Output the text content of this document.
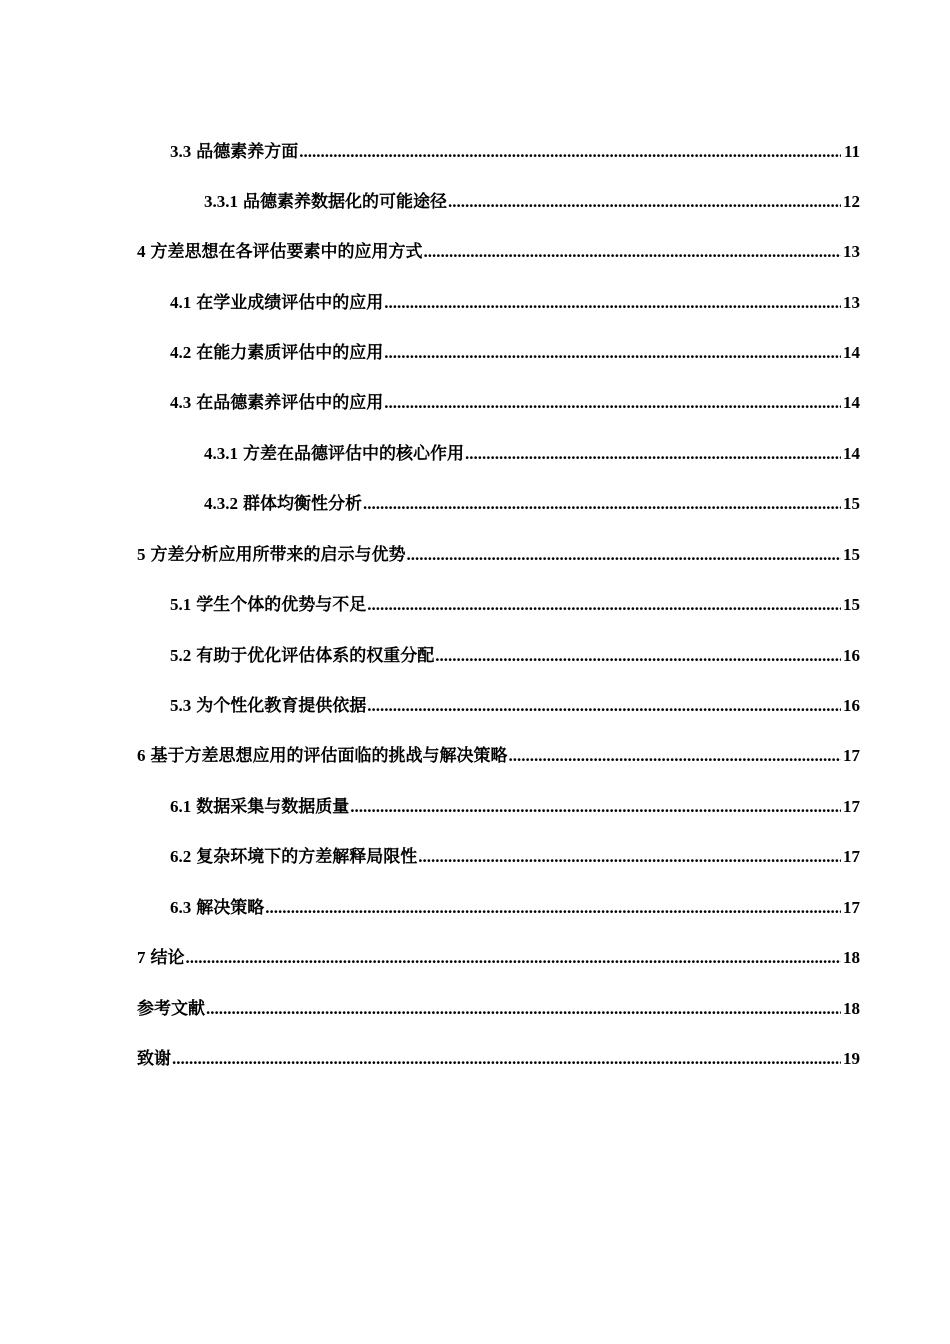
3.3 品德素养方面 .....	11
3.3.1 品德素养数据化的可能途径 .....	12
4 方差思想在各评估要素中的应用方式 .....	13
4.1 在学业成绩评估中的应用 .....	13
4.2 在能力素质评估中的应用 .....	14
4.3 在品德素养评估中的应用 .....	14
4.3.1 方差在品德评估中的核心作用 .....	14
4.3.2 群体均衡性分析 .....	15
5 方差分析应用所带来的启示与优势 .....	15
5.1 学生个体的优势与不足 .....	15
5.2 有助于优化评估体系的权重分配 .....	16
5.3 为个性化教育提供依据 .....	16
6 基于方差思想应用的评估面临的挑战与解决策略 .....	17
6.1 数据采集与数据质量 .....	17
6.2 复杂环境下的方差解释局限性 .....	17
6.3 解决策略 .....	17
7 结论 .....	18
参考文献 .....	18
致谢 .....	19
